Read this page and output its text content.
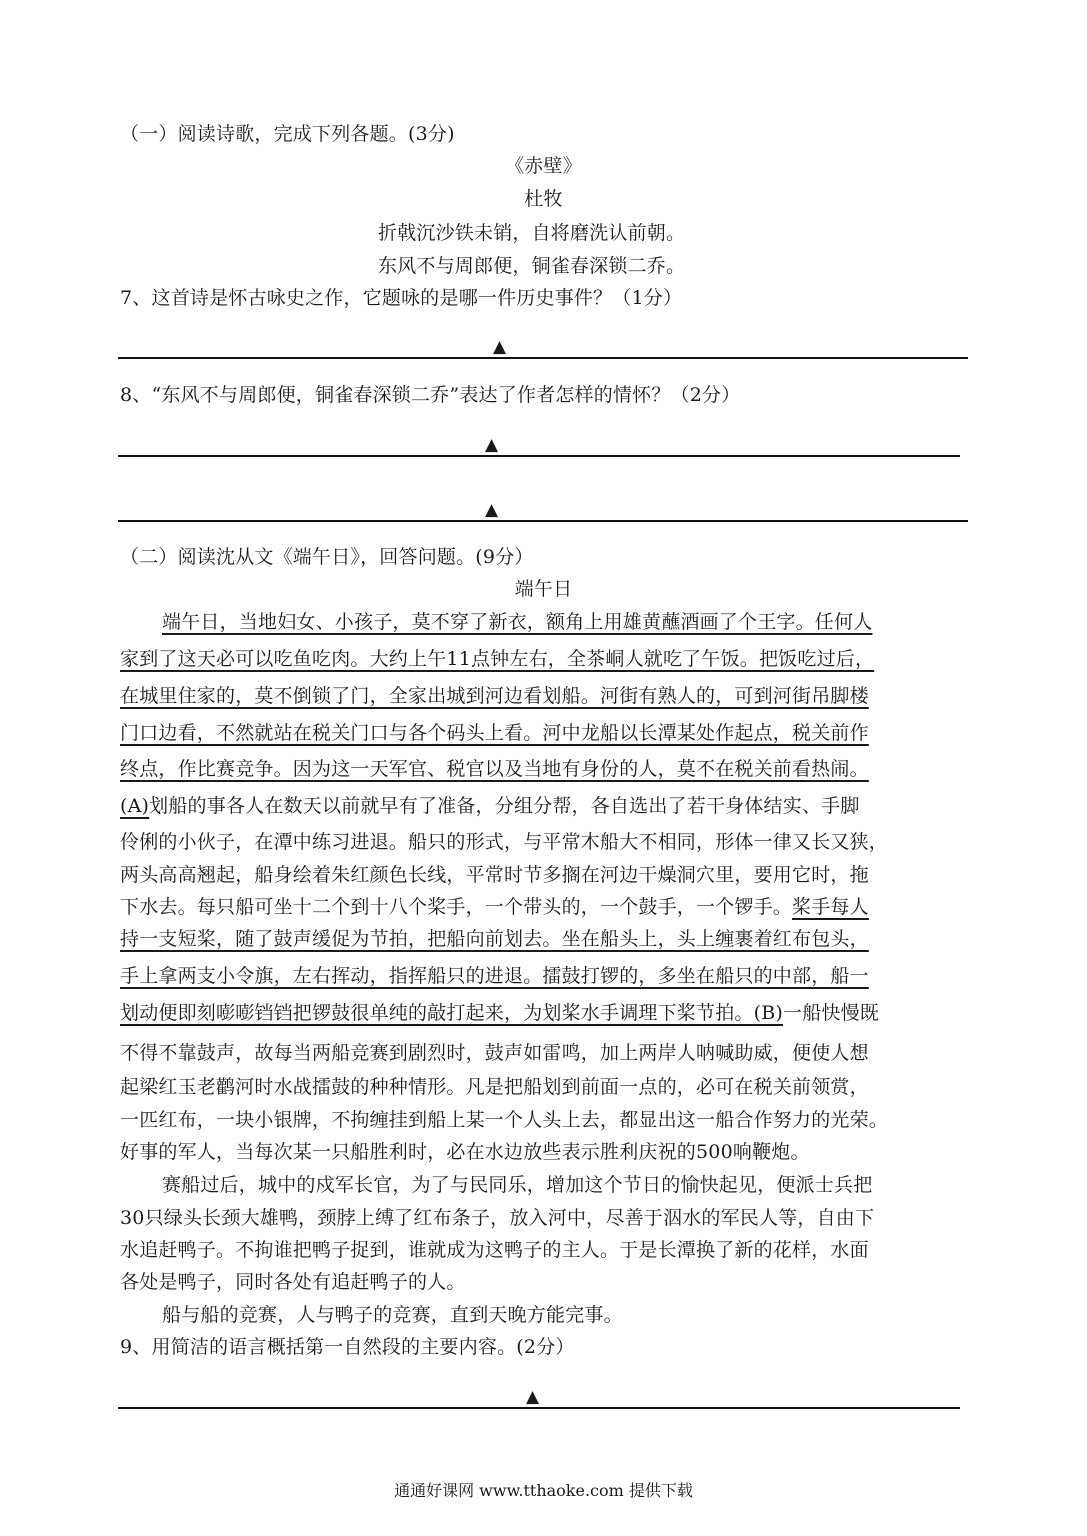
（一）阅读诗歌，完成下列各题。(3分)
《赤壁》
杜牧
折戟沉沙铁未销，自将磨洗认前朝。
东风不与周郎便，铜雀春深锁二乔。
7、这首诗是怀古咏史之作，它题咏的是哪一件历史事件？（1分）
▲
8、“东风不与周郎便，铜雀春深锁二乔”表达了作者怎样的情怀？（2分）
▲
▲
（二）阅读沈从文《端午日》，回答问题。(9分）
端午日
端午日，当地妇女、小孩子，莫不穿了新衣，额角上用雄黄蘸酒画了个王字。任何人
家到了这天必可以吃鱼吃肉。大约上午11点钟左右，全茶峒人就吃了午饭。把饭吃过后，
在城里住家的，莫不倒锁了门，全家出城到河边看划船。河街有熟人的，可到河街吊脚楼
门口边看，不然就站在税关门口与各个码头上看。河中龙船以长潭某处作起点，税关前作
终点，作比赛竞争。因为这一天军官、税官以及当地有身份的人，莫不在税关前看热闹。
(A)划船的事各人在数天以前就早有了准备，分组分帮，各自选出了若干身体结实、手脚
伶俐的小伙子，在潭中练习进退。船只的形式，与平常木船大不相同，形体一律又长又狭，
两头高高翘起，船身绘着朱红颜色长线，平常时节多搁在河边干燥洞穴里，要用它时，拖
下水去。每只船可坐十二个到十八个桨手，一个带头的，一个鼓手，一个锣手。桨手每人
持一支短桨，随了鼓声缓促为节拍，把船向前划去。坐在船头上，头上缠裹着红布包头，
手上拿两支小令旗，左右挥动，指挥船只的进退。擂鼓打锣的，多坐在船只的中部，船一
划动便即刻嘭嘭铛铛把锣鼓很单纯的敲打起来，为划桨水手调理下桨节拍。(B)一船快慢既
不得不靠鼓声，故每当两船竞赛到剧烈时，鼓声如雷鸣，加上两岸人呐喊助威，便使人想
起梁红玉老鹳河时水战擂鼓的种种情形。凡是把船划到前面一点的，必可在税关前领赏，
一匹红布，一块小银牌，不拘缠挂到船上某一个人头上去，都显出这一船合作努力的光荣。
好事的军人，当每次某一只船胜利时，必在水边放些表示胜利庆祝的500响鞭炮。
赛船过后，城中的戍军长官，为了与民同乐，增加这个节日的愉快起见，便派士兵把
30只绿头长颈大雄鸭，颈脖上缚了红布条子，放入河中，尽善于泅水的军民人等，自由下
水追赶鸭子。不拘谁把鸭子捉到，谁就成为这鸭子的主人。于是长潭换了新的花样，水面
各处是鸭子，同时各处有追赶鸭子的人。
船与船的竞赛，人与鸭子的竞赛，直到天晚方能完事。
9、用简洁的语言概括第一自然段的主要内容。(2分）
▲
通通好课网 www.tthaoke.com 提供下载
